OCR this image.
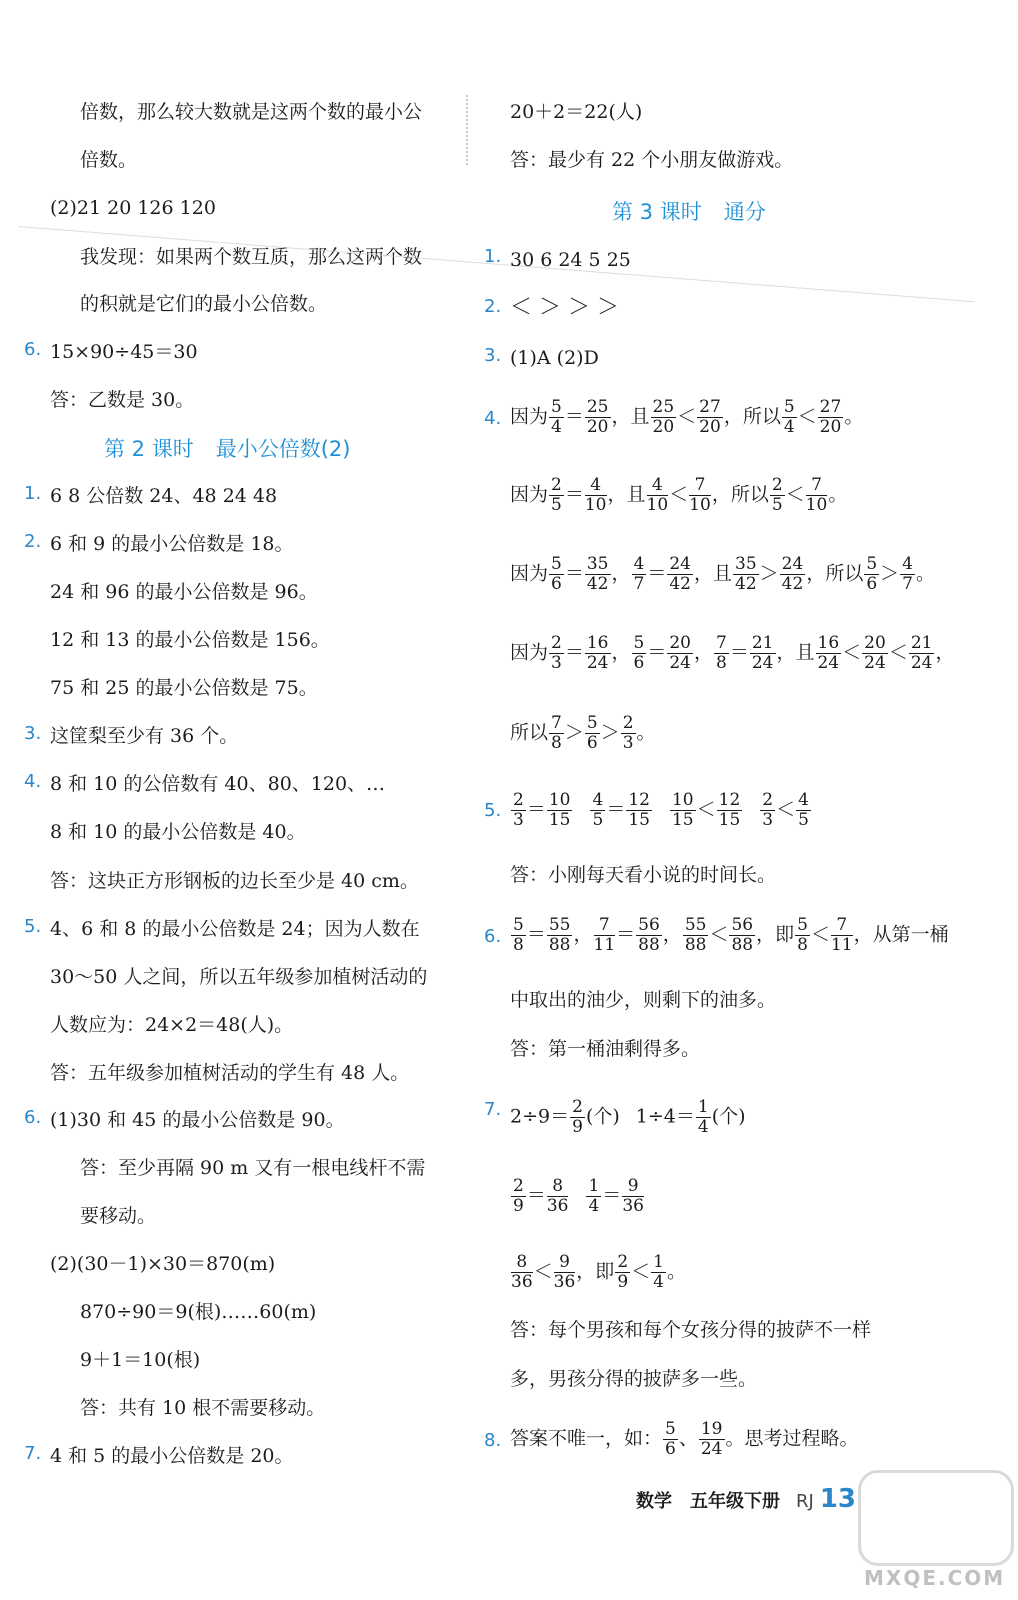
倍数，那么较大数就是这两个数的最小公
倍数。
(2)21 20 126 120
我发现：如果两个数互质，那么这两个数
的积就是它们的最小公倍数。
6. 15×90÷45＝30
答：乙数是 30。
第 2 课时 最小公倍数(2)
1. 6 8 公倍数 24、48 24 48
2. 6 和 9 的最小公倍数是 18。
24 和 96 的最小公倍数是 96。
12 和 13 的最小公倍数是 156。
75 和 25 的最小公倍数是 75。
3. 这筐梨至少有 36 个。
4. 8 和 10 的公倍数有 40、80、120、…
8 和 10 的最小公倍数是 40。
答：这块正方形钢板的边长至少是 40 cm。
5. 4、6 和 8 的最小公倍数是 24；因为人数在
30～50 人之间，所以五年级参加植树活动的
人数应为：24×2＝48(人)。
答：五年级参加植树活动的学生有 48 人。
6. (1)30 和 45 的最小公倍数是 90。
答：至少再隔 90 m 又有一根电线杆不需
要移动。
(2)(30－1)×30＝870(m)
870÷90＝9(根)……60(m)
9＋1＝10(根)
答：共有 10 根不需要移动。
7. 4 和 5 的最小公倍数是 20。
20＋2＝22(人)
答：最少有 22 个小朋友做游戏。
第 3 课时 通分
1. 30 6 24 5 25
2. ＜ ＞ ＞ ＞
3. (1)A (2)D
4. 因为 $\frac{5}{4} = \frac{25}{20}$ ，且 $\frac{25}{20} < \frac{27}{20}$ ，所以 $\frac{5}{4} < \frac{27}{20}$ 。
因为 $\frac{2}{5} = \frac{4}{10}$ ，且 $\frac{4}{10} < \frac{7}{10}$ ，所以 $\frac{2}{5} < \frac{7}{10}$ 。
因为 $\frac{5}{6} = \frac{35}{42}$ ， $\frac{4}{7} = \frac{24}{42}$ ，且 $\frac{35}{42} > \frac{24}{42}$ ，所以 $\frac{5}{6} > \frac{4}{7}$ 。
因为 $\frac{2}{3} = \frac{16}{24}$ ， $\frac{5}{6} = \frac{20}{24}$ ， $\frac{7}{8} = \frac{21}{24}$ ，且 $\frac{16}{24} < \frac{20}{24} < \frac{21}{24}$ ，
所以 $\frac{7}{8} > \frac{5}{6} > \frac{2}{3}$ 。
5. $\frac{2}{3} = \frac{10}{15} \frac{4}{5} = \frac{12}{15} \frac{10}{15} < \frac{12}{15} \frac{2}{3} < \frac{4}{5}$
答：小刚每天看小说的时间长。
6. $\frac{5}{8} = \frac{55}{88}$ ， $\frac{7}{11} = \frac{56}{88}$ ， $\frac{55}{88} < \frac{56}{88}$ ，即 $\frac{5}{8} < \frac{7}{11}$ ，从第一桶
中取出的油少，则剩下的油多。
答：第一桶油剩得多。
7. $2\div 9= \frac{2}{9}$ (个) $1\div 4= \frac{1}{4}$ (个)
$\frac{2}{9} = \frac{8}{36} \frac{1}{4} = \frac{9}{36}$
$\frac{8}{36} < \frac{9}{36}$ ，即 $\frac{2}{9} < \frac{1}{4}$ 。
答：每个男孩和每个女孩分得的披萨不一样
多，男孩分得的披萨多一些。
8. 答案不唯一，如： $\frac{5}{6}$ 、 $\frac{19}{24}$ 。思考过程略。
数学 五年级下册 RJ 13
MXQE.COM
